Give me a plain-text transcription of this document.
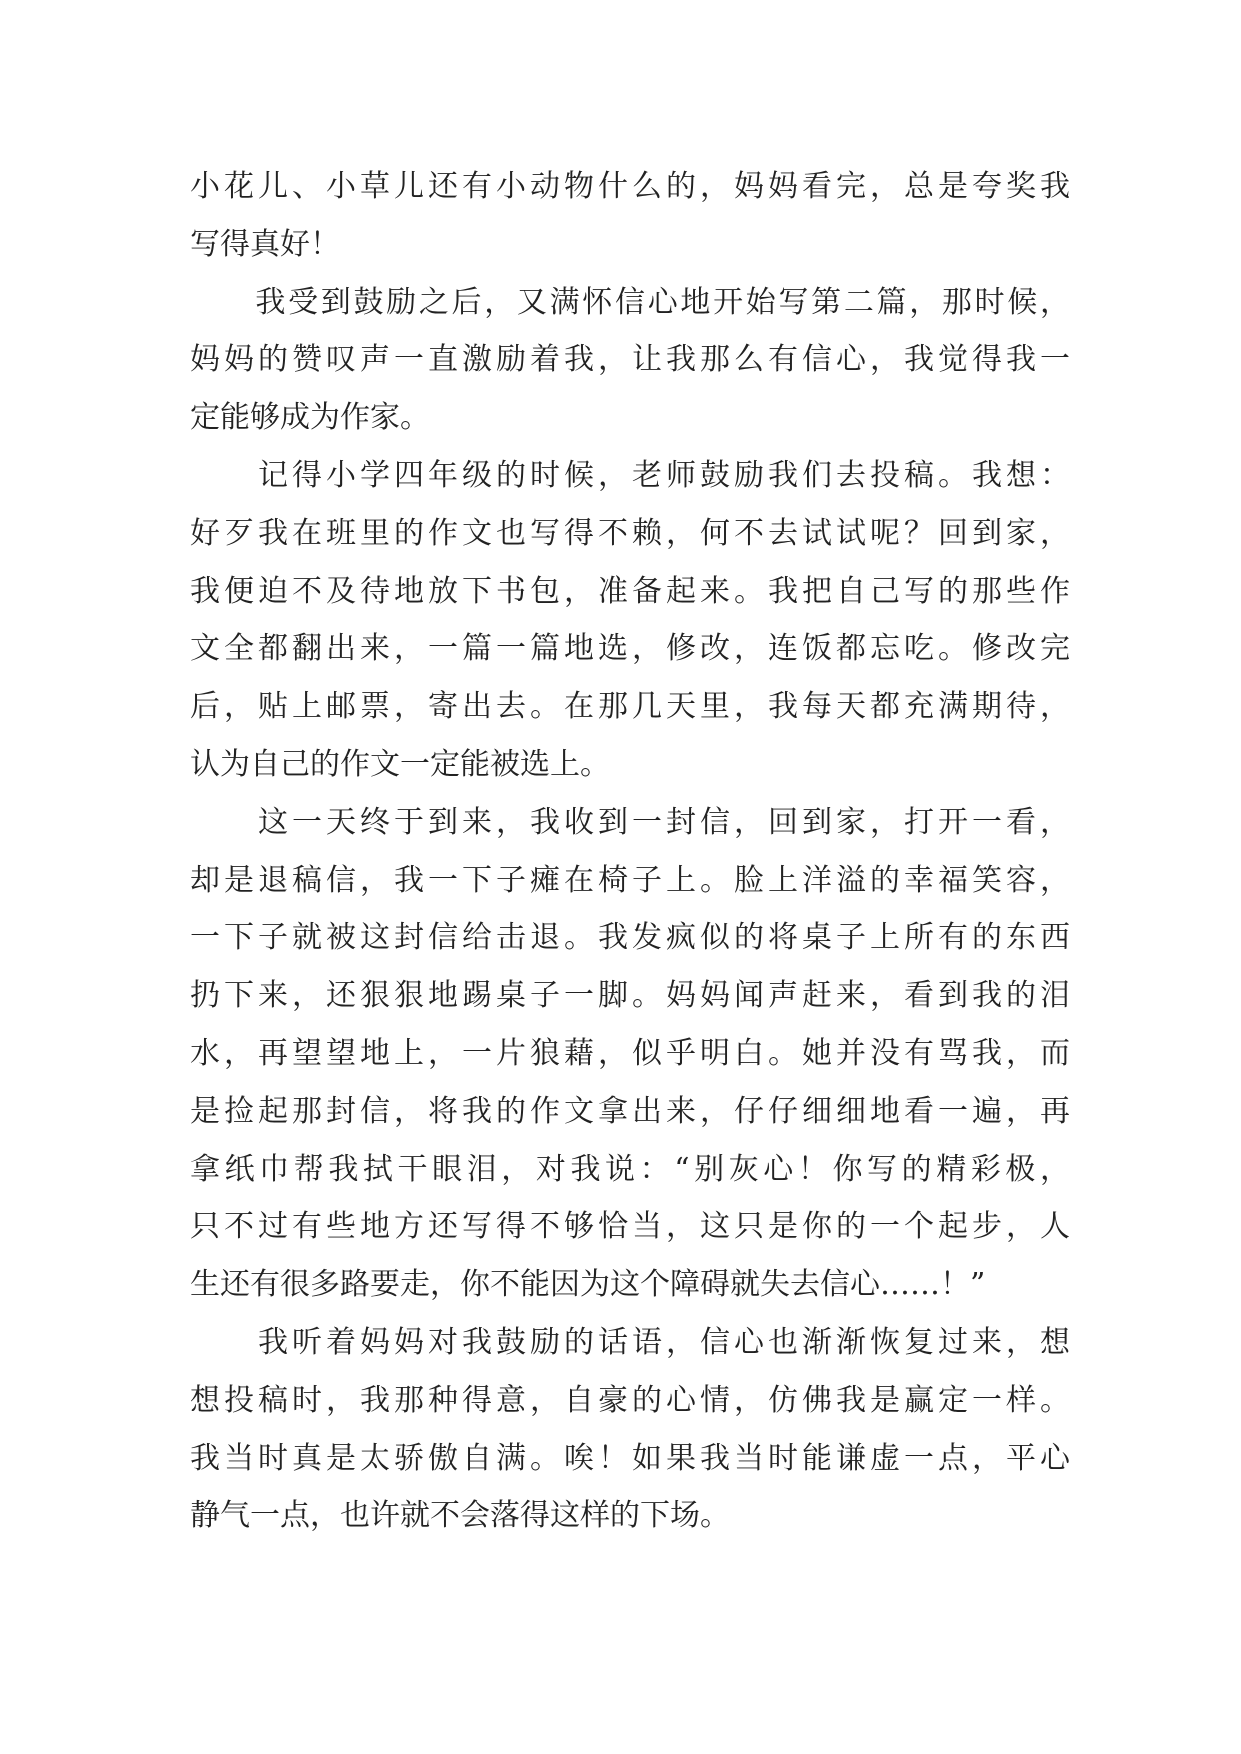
小花儿、小草儿还有小动物什么的，妈妈看完，总是夸奖我
写得真好！
　　我受到鼓励之后，又满怀信心地开始写第二篇，那时候，
妈妈的赞叹声一直激励着我，让我那么有信心，我觉得我一
定能够成为作家。
　　记得小学四年级的时候，老师鼓励我们去投稿。我想：
好歹我在班里的作文也写得不赖，何不去试试呢？回到家，
我便迫不及待地放下书包，准备起来。我把自己写的那些作
文全都翻出来，一篇一篇地选，修改，连饭都忘吃。修改完
后，贴上邮票，寄出去。在那几天里，我每天都充满期待，
认为自己的作文一定能被选上。
　　这一天终于到来，我收到一封信，回到家，打开一看，
却是退稿信，我一下子瘫在椅子上。脸上洋溢的幸福笑容，
一下子就被这封信给击退。我发疯似的将桌子上所有的东西
扔下来，还狠狠地踢桌子一脚。妈妈闻声赶来，看到我的泪
水，再望望地上，一片狼藉，似乎明白。她并没有骂我，而
是捡起那封信，将我的作文拿出来，仔仔细细地看一遍，再
拿纸巾帮我拭干眼泪，对我说：“别灰心！你写的精彩极，
只不过有些地方还写得不够恰当，这只是你的一个起步，人
生还有很多路要走，你不能因为这个障碍就失去信心……！”
　　我听着妈妈对我鼓励的话语，信心也渐渐恢复过来，想
想投稿时，我那种得意，自豪的心情，仿佛我是赢定一样。
我当时真是太骄傲自满。唉！如果我当时能谦虚一点，平心
静气一点，也许就不会落得这样的下场。
